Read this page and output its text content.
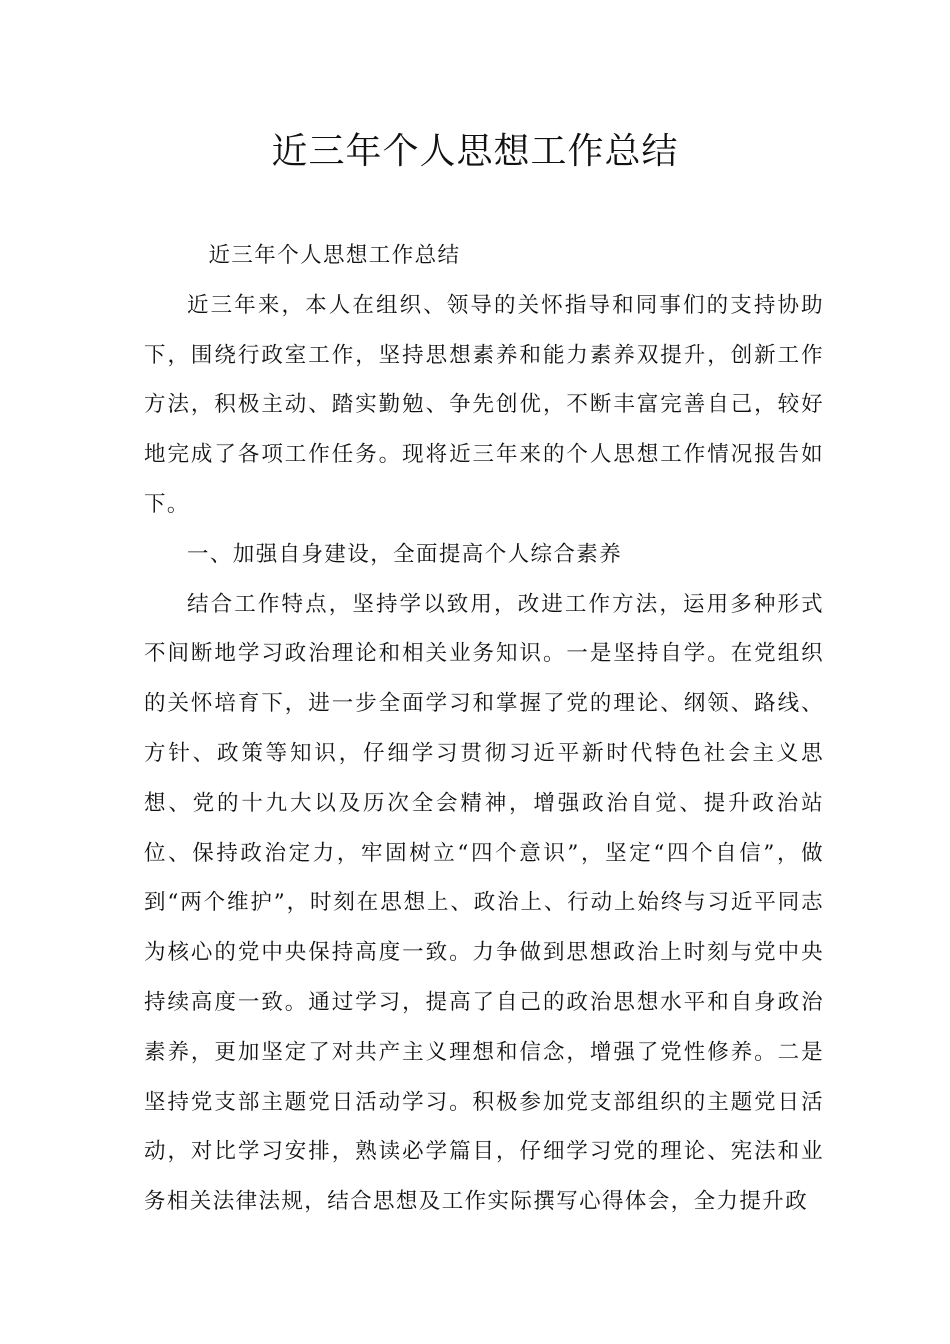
近三年个人思想工作总结

近三年个人思想工作总结

近三年来，本人在组织、领导的关怀指导和同事们的支持协助下，围绕行政室工作，坚持思想素养和能力素养双提升，创新工作方法，积极主动、踏实勤勉、争先创优，不断丰富完善自己，较好地完成了各项工作任务。现将近三年来的个人思想工作情况报告如下。

一、加强自身建设，全面提高个人综合素养

结合工作特点，坚持学以致用，改进工作方法，运用多种形式不间断地学习政治理论和相关业务知识。一是坚持自学。在党组织的关怀培育下，进一步全面学习和掌握了党的理论、纲领、路线、方针、政策等知识，仔细学习贯彻习近平新时代特色社会主义思想、党的十九大以及历次全会精神，增强政治自觉、提升政治站位、保持政治定力，牢固树立“四个意识”，坚定“四个自信”，做到“两个维护”，时刻在思想上、政治上、行动上始终与习近平同志为核心的党中央保持高度一致。力争做到思想政治上时刻与党中央持续高度一致。通过学习，提高了自己的政治思想水平和自身政治素养，更加坚定了对共产主义理想和信念，增强了党性修养。二是坚持党支部主题党日活动学习。积极参加党支部组织的主题党日活动，对比学习安排，熟读必学篇目，仔细学习党的理论、宪法和业务相关法律法规，结合思想及工作实际撰写心得体会，全力提升政
